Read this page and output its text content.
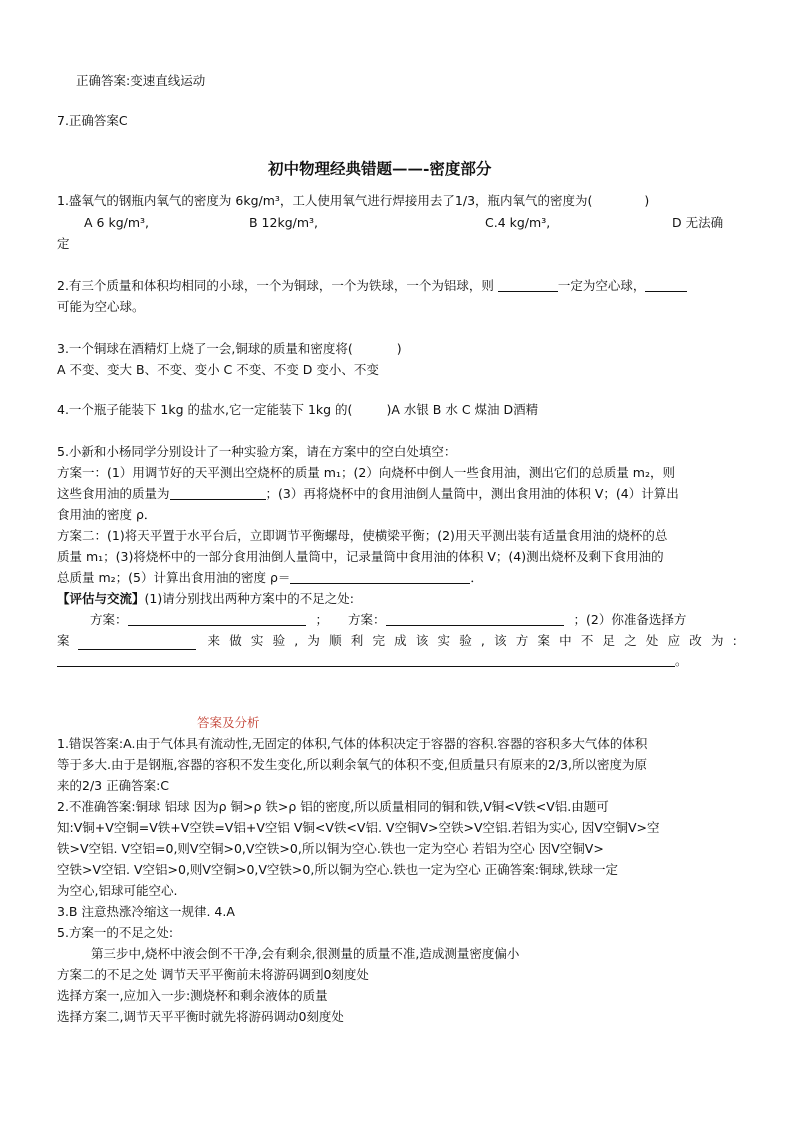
正确答案:变速直线运动
7.正确答案C
初中物理经典错题——-密度部分
1.盛氧气的钢瓶内氧气的密度为 6kg/m³，工人使用氧气进行焊接用去了1/3，瓶内氧气的密度为(	)
A 6 kg/m³,	B 12kg/m³,	C.4 kg/m³,	D 无法确
定
2.有三个质量和体积均相同的小球，一个为铜球，一个为铁球，一个为铝球，则	一定为空心球，
可能为空心球。
3.一个铜球在酒精灯上烧了一会,铜球的质量和密度将(	)
A 不变、变大 B、不变、变小 C 不变、不变 D 变小、不变
4.一个瓶子能装下 1kg 的盐水,它一定能装下 1kg 的(	)A 水银 B 水 C 煤油 D酒精
5.小新和小杨同学分别设计了一种实验方案，请在方案中的空白处填空：
方案一：(1）用调节好的天平测出空烧杯的质量 m₁；(2）向烧杯中倒人一些食用油，测出它们的总质量 m₂，则
这些食用油的质量为	；(3）再将烧杯中的食用油倒人量筒中，测出食用油的体积 V；(4）计算出
食用油的密度 ρ．
方案二：(1)将天平置于水平台后，立即调节平衡螺母，使横梁平衡；(2)用天平测出装有适量食用油的烧杯的总
质量 m₁；(3)将烧杯中的一部分食用油倒人量筒中，记录量筒中食用油的体积 V；(4)测出烧杯及剩下食用油的
总质量 m₂；(5）计算出食用油的密度 ρ＝	．
【评估与交流】(1)请分别找出两种方案中的不足之处:
方案：	； 方案：	；(2）你准备选择方
案	来 做 实 验 , 为 顺 利 完 成 该 实 验 , 该 方 案 中 不 足 之 处 应 改 为 :
。
答案及分析
1.错误答案:A.由于气体具有流动性,无固定的体积,气体的体积决定于容器的容积.容器的容积多大气体的体积
等于多大.由于是钢瓶,容器的容积不发生变化,所以剩余氧气的体积不变,但质量只有原来的2/3,所以密度为原
来的2/3 正确答案:C
2.不准确答案:铜球 铝球 因为ρ 铜>ρ 铁>ρ 铝的密度,所以质量相同的铜和铁,V铜<V铁<V铝.由题可
知:V铜+V空铜=V铁+V空铁=V铝+V空铝 V铜<V铁<V铝. V空铜V>空铁>V空铝.若铝为实心, 因V空铜V>空
铁>V空铝. V空铝=0,则V空铜>0,V空铁>0,所以铜为空心.铁也一定为空心 若铝为空心 因V空铜V>
空铁>V空铝. V空铝>0,则V空铜>0,V空铁>0,所以铜为空心.铁也一定为空心 正确答案:铜球,铁球一定
为空心,铝球可能空心.
3.B 注意热涨冷缩这一规律. 4.A
5.方案一的不足之处:
第三步中,烧杯中液会倒不干净,会有剩余,很测量的质量不准,造成测量密度偏小
方案二的不足之处 调节天平平衡前未将游码调到0刻度处
选择方案一,应加入一步:测烧杯和剩余液体的质量
选择方案二,调节天平平衡时就先将游码调动0刻度处
